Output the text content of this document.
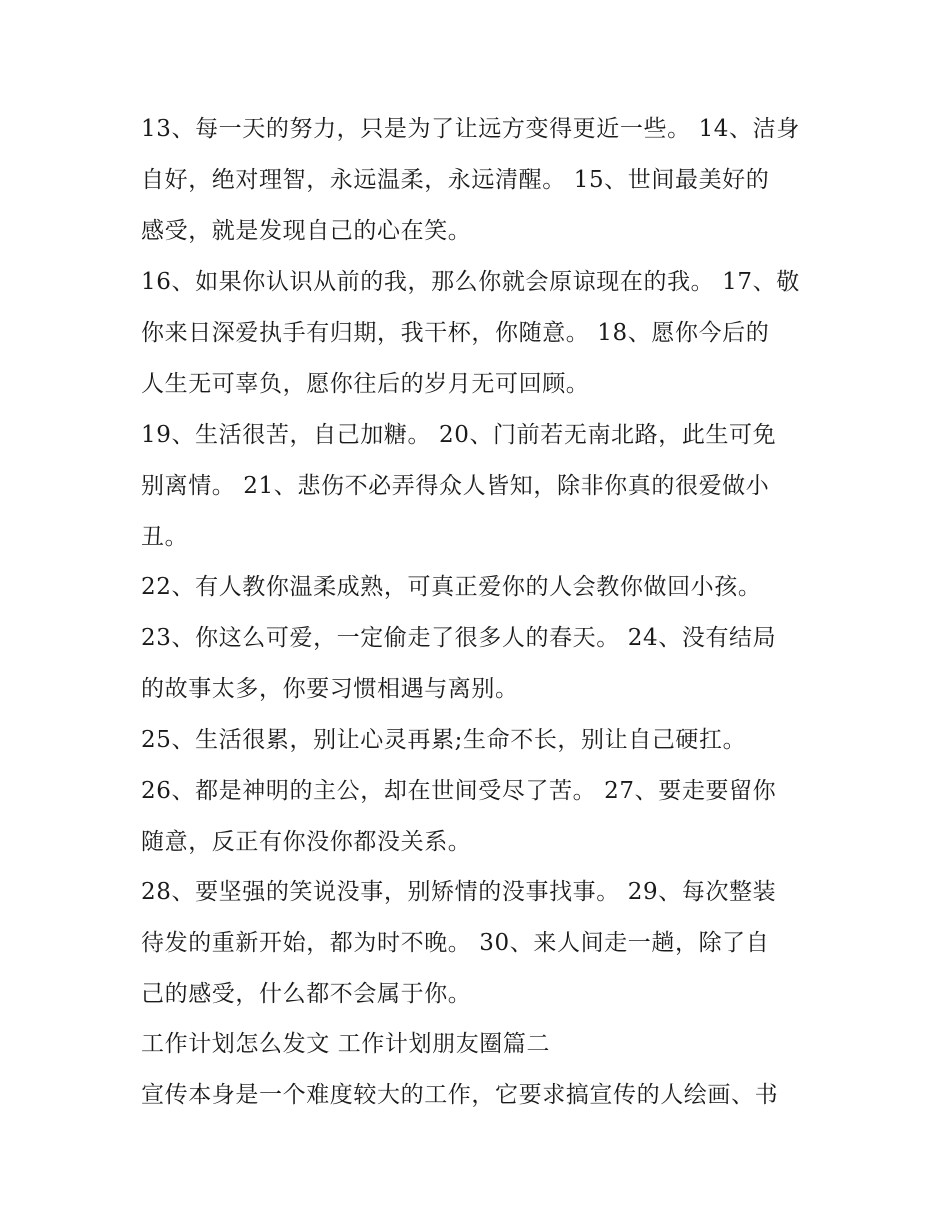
13、每一天的努力，只是为了让远方变得更近一些。 14、洁身

自好，绝对理智，永远温柔，永远清醒。 15、世间最美好的

感受，就是发现自己的心在笑。

16、如果你认识从前的我，那么你就会原谅现在的我。 17、敬

你来日深爱执手有归期，我干杯，你随意。 18、愿你今后的

人生无可辜负，愿你往后的岁月无可回顾。

19、生活很苦，自己加糖。 20、门前若无南北路，此生可免

别离情。 21、悲伤不必弄得众人皆知，除非你真的很爱做小

丑。

22、有人教你温柔成熟，可真正爱你的人会教你做回小孩。

23、你这么可爱，一定偷走了很多人的春天。 24、没有结局

的故事太多，你要习惯相遇与离别。

25、生活很累，别让心灵再累;生命不长，别让自己硬扛。

26、都是神明的主公，却在世间受尽了苦。 27、要走要留你

随意，反正有你没你都没关系。

28、要坚强的笑说没事，别矫情的没事找事。 29、每次整装

待发的重新开始，都为时不晚。 30、来人间走一趟，除了自

己的感受，什么都不会属于你。

工作计划怎么发文 工作计划朋友圈篇二

宣传本身是一个难度较大的工作，它要求搞宣传的人绘画、书
